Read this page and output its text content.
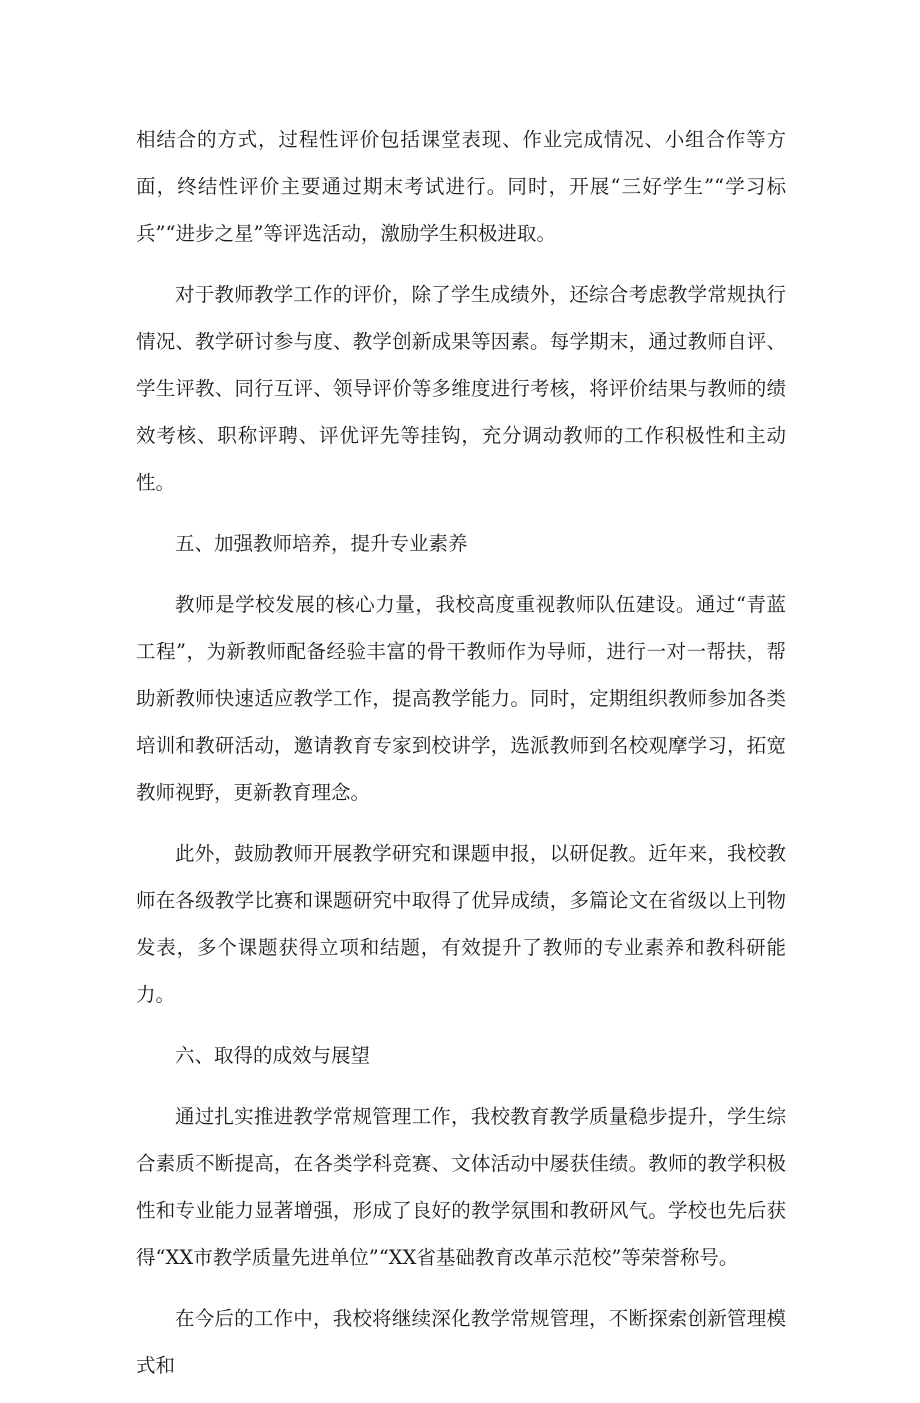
相结合的方式，过程性评价包括课堂表现、作业完成情况、小组合作等方面，终结性评价主要通过期末考试进行。同时，开展“三好学生”“学习标兵”“进步之星”等评选活动，激励学生积极进取。

对于教师教学工作的评价，除了学生成绩外，还综合考虑教学常规执行情况、教学研讨参与度、教学创新成果等因素。每学期末，通过教师自评、学生评教、同行互评、领导评价等多维度进行考核，将评价结果与教师的绩效考核、职称评聘、评优评先等挂钩，充分调动教师的工作积极性和主动性。

五、加强教师培养，提升专业素养

教师是学校发展的核心力量，我校高度重视教师队伍建设。通过“青蓝工程”，为新教师配备经验丰富的骨干教师作为导师，进行一对一帮扶，帮助新教师快速适应教学工作，提高教学能力。同时，定期组织教师参加各类培训和教研活动，邀请教育专家到校讲学，选派教师到名校观摩学习，拓宽教师视野，更新教育理念。

此外，鼓励教师开展教学研究和课题申报，以研促教。近年来，我校教师在各级教学比赛和课题研究中取得了优异成绩，多篇论文在省级以上刊物发表，多个课题获得立项和结题，有效提升了教师的专业素养和教科研能力。

六、取得的成效与展望

通过扎实推进教学常规管理工作，我校教育教学质量稳步提升，学生综合素质不断提高，在各类学科竞赛、文体活动中屡获佳绩。教师的教学积极性和专业能力显著增强，形成了良好的教学氛围和教研风气。学校也先后获得“XX市教学质量先进单位”“XX省基础教育改革示范校”等荣誉称号。

在今后的工作中，我校将继续深化教学常规管理，不断探索创新管理模式和
